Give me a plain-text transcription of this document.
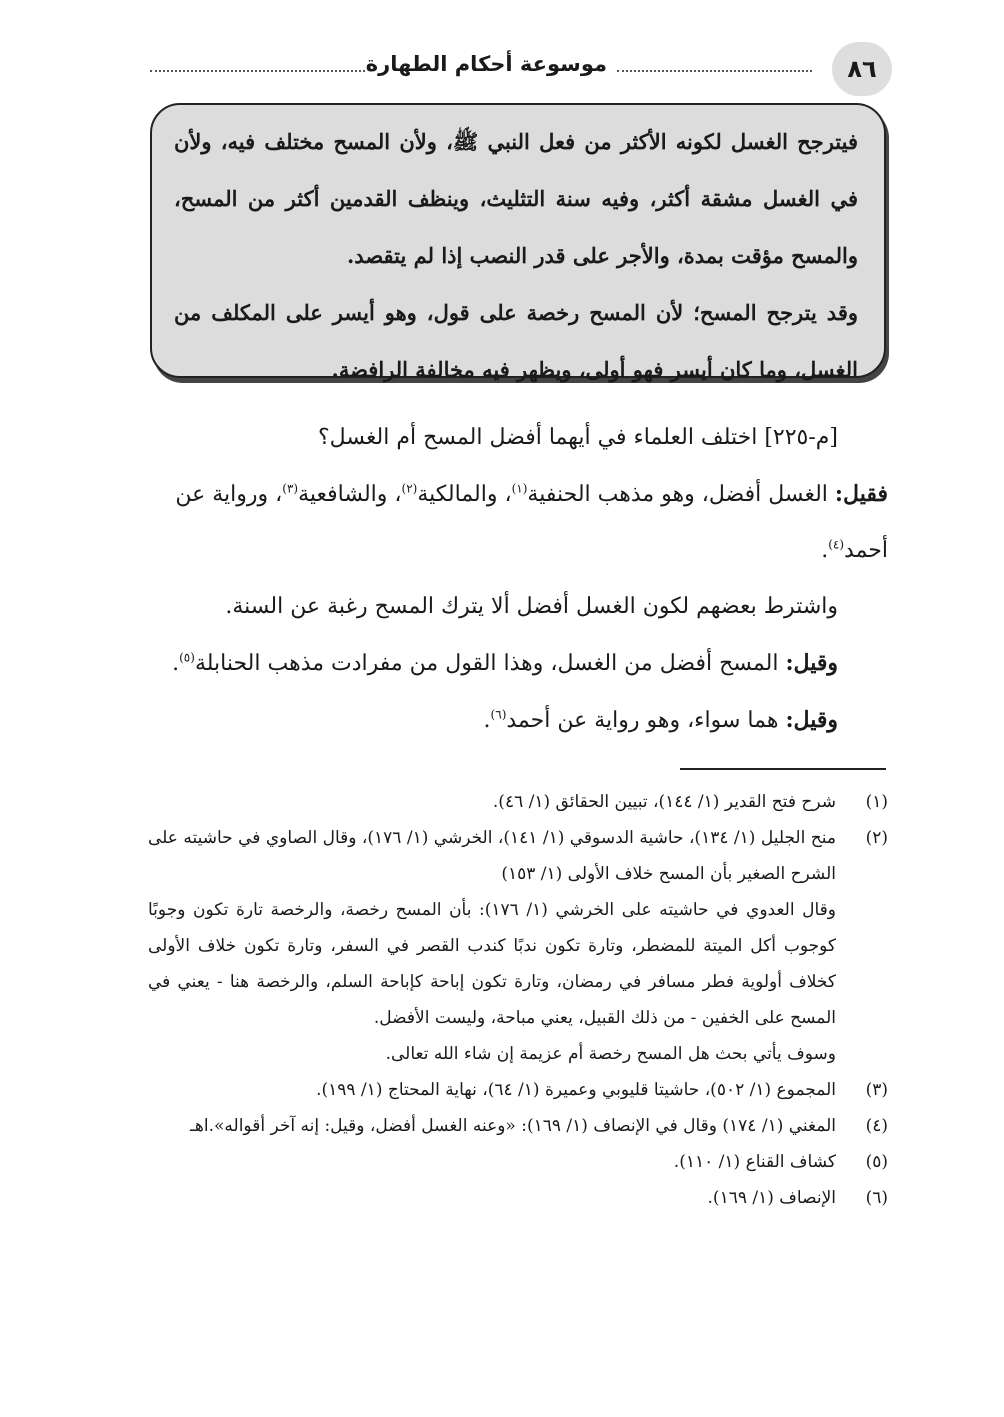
٨٦
موسوعة أحكام الطهارة

فيترجح الغسل لكونه الأكثر من فعل النبي ﷺ، ولأن المسح مختلف فيه، ولأن في الغسل مشقة أكثر، وفيه سنة التثليث، وينظف القدمين أكثر من المسح، والمسح مؤقت بمدة، والأجر على قدر النصب إذا لم يتقصد.

وقد يترجح المسح؛ لأن المسح رخصة على قول، وهو أيسر على المكلف من الغسل، وما كان أيسر فهو أولى، ويظهر فيه مخالفة الرافضة.

[م-٢٢٥] اختلف العلماء في أيهما أفضل المسح أم الغسل؟

فقيل: الغسل أفضل، وهو مذهب الحنفية$^{(١)}$، والمالكية$^{(٢)}$، والشافعية$^{(٣)}$، ورواية عن أحمد$^{(٤)}$.

واشترط بعضهم لكون الغسل أفضل ألا يترك المسح رغبة عن السنة.

وقيل: المسح أفضل من الغسل، وهذا القول من مفرادت مذهب الحنابلة$^{(٥)}$.

وقيل: هما سواء، وهو رواية عن أحمد$^{(٦)}$.

(١)
شرح فتح القدير (١/ ١٤٤)، تبيين الحقائق (١/ ٤٦).
(٢)
منح الجليل (١/ ١٣٤)، حاشية الدسوقي (١/ ١٤١)، الخرشي (١/ ١٧٦)، وقال الصاوي في حاشيته على الشرح الصغير بأن المسح خلاف الأولى (١/ ١٥٣)
وقال العدوي في حاشيته على الخرشي (١/ ١٧٦): بأن المسح رخصة، والرخصة تارة تكون وجوبًا كوجوب أكل الميتة للمضطر، وتارة تكون ندبًا كندب القصر في السفر، وتارة تكون خلاف الأولى كخلاف أولوية فطر مسافر في رمضان، وتارة تكون إباحة كإباحة السلم، والرخصة هنا - يعني في المسح على الخفين - من ذلك القبيل، يعني مباحة، وليست الأفضل.
وسوف يأتي بحث هل المسح رخصة أم عزيمة إن شاء الله تعالى.
(٣)
المجموع (١/ ٥٠٢)، حاشيتا قليوبي وعميرة (١/ ٦٤)، نهاية المحتاج (١/ ١٩٩).
(٤)
المغني (١/ ١٧٤) وقال في الإنصاف (١/ ١٦٩): «وعنه الغسل أفضل، وقيل: إنه آخر أقواله».اهـ
(٥)
كشاف القناع (١/ ١١٠).
(٦)
الإنصاف (١/ ١٦٩).
